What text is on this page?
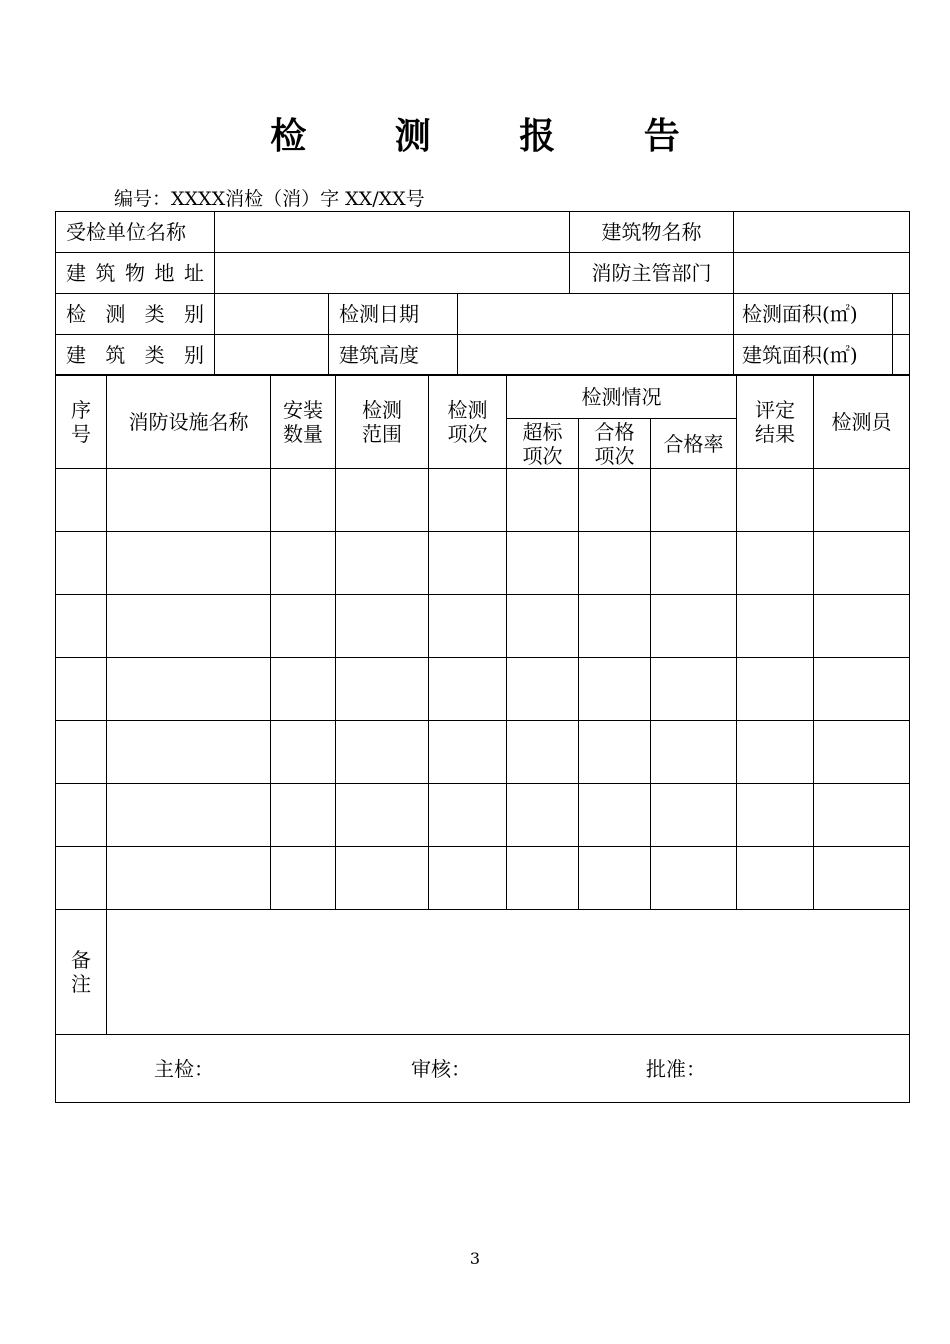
检 测 报 告
编号：XXXX消检（消）字 XX/XX号
受检单位名称				建筑物名称		

建 筑 物 地 址				消防主管部门		

检 测 类 别		检测日期			检测面积(㎡)	

建 筑 类 别		建筑高度			建筑面积(㎡)	
序号	消防设施名称	安装数量	检测范围	检测项次	检测情况			评定结果	检测员
					超标项次	合格项次	合格率		

备注									

主检： 审核： 批准：									
3
